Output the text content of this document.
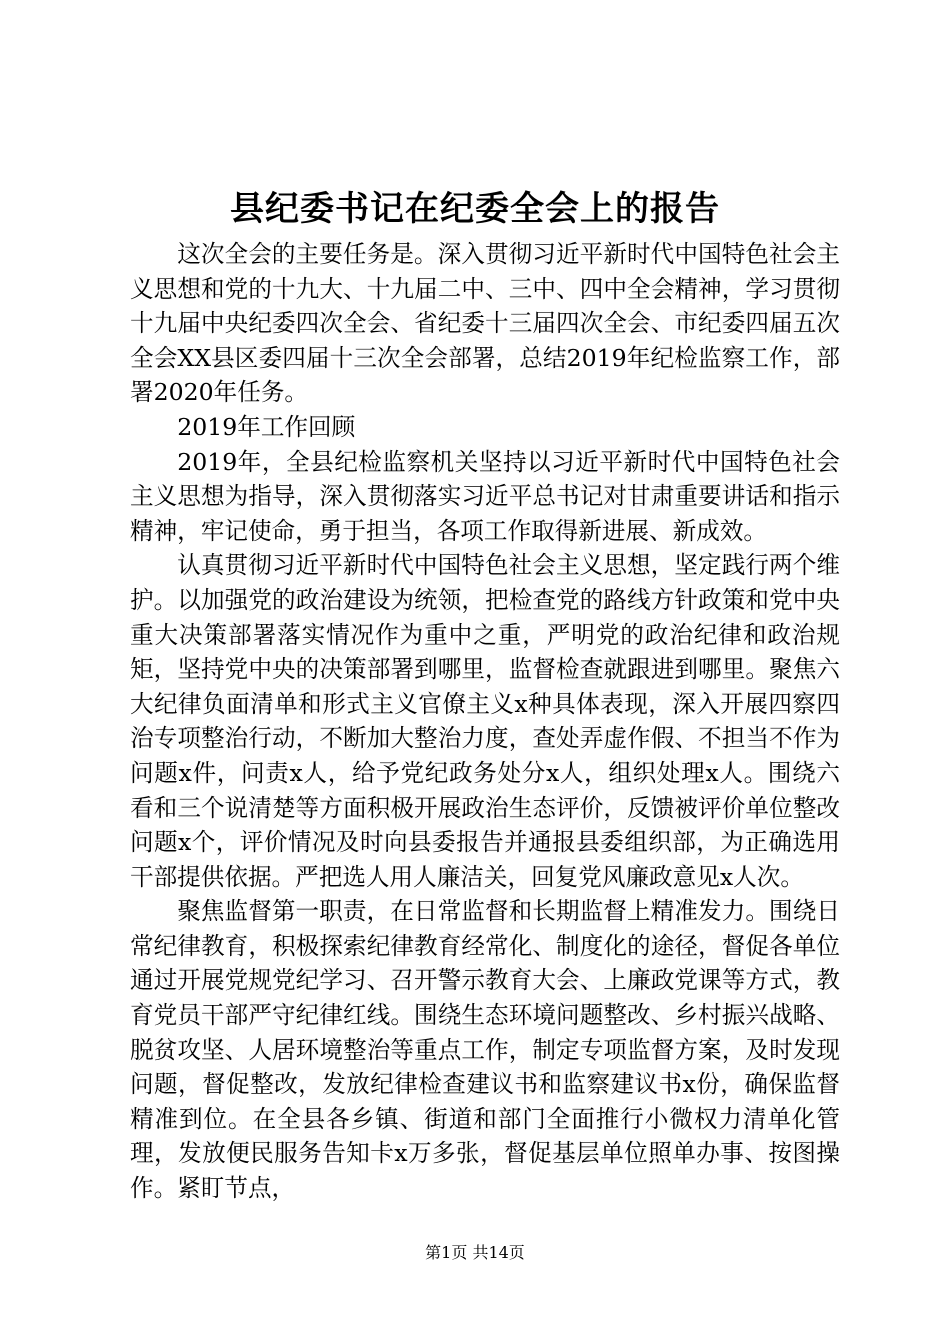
县纪委书记在纪委全会上的报告

这次全会的主要任务是。深入贯彻习近平新时代中国特色社会主义思想和党的十九大、十九届二中、三中、四中全会精神，学习贯彻十九届中央纪委四次全会、省纪委十三届四次全会、市纪委四届五次全会XX县区委四届十三次全会部署，总结2019年纪检监察工作，部署2020年任务。

2019年工作回顾

2019年，全县纪检监察机关坚持以习近平新时代中国特色社会主义思想为指导，深入贯彻落实习近平总书记对甘肃重要讲话和指示精神，牢记使命，勇于担当，各项工作取得新进展、新成效。

认真贯彻习近平新时代中国特色社会主义思想，坚定践行两个维护。以加强党的政治建设为统领，把检查党的路线方针政策和党中央重大决策部署落实情况作为重中之重，严明党的政治纪律和政治规矩，坚持党中央的决策部署到哪里，监督检查就跟进到哪里。聚焦六大纪律负面清单和形式主义官僚主义x种具体表现，深入开展四察四治专项整治行动，不断加大整治力度，查处弄虚作假、不担当不作为问题x件，问责x人，给予党纪政务处分x人，组织处理x人。围绕六看和三个说清楚等方面积极开展政治生态评价，反馈被评价单位整改问题x个，评价情况及时向县委报告并通报县委组织部，为正确选用干部提供依据。严把选人用人廉洁关，回复党风廉政意见x人次。

聚焦监督第一职责，在日常监督和长期监督上精准发力。围绕日常纪律教育，积极探索纪律教育经常化、制度化的途径，督促各单位通过开展党规党纪学习、召开警示教育大会、上廉政党课等方式，教育党员干部严守纪律红线。围绕生态环境问题整改、乡村振兴战略、脱贫攻坚、人居环境整治等重点工作，制定专项监督方案，及时发现问题，督促整改，发放纪律检查建议书和监察建议书x份，确保监督精准到位。在全县各乡镇、街道和部门全面推行小微权力清单化管理，发放便民服务告知卡x万多张，督促基层单位照单办事、按图操作。紧盯节点，

第1页 共14页
